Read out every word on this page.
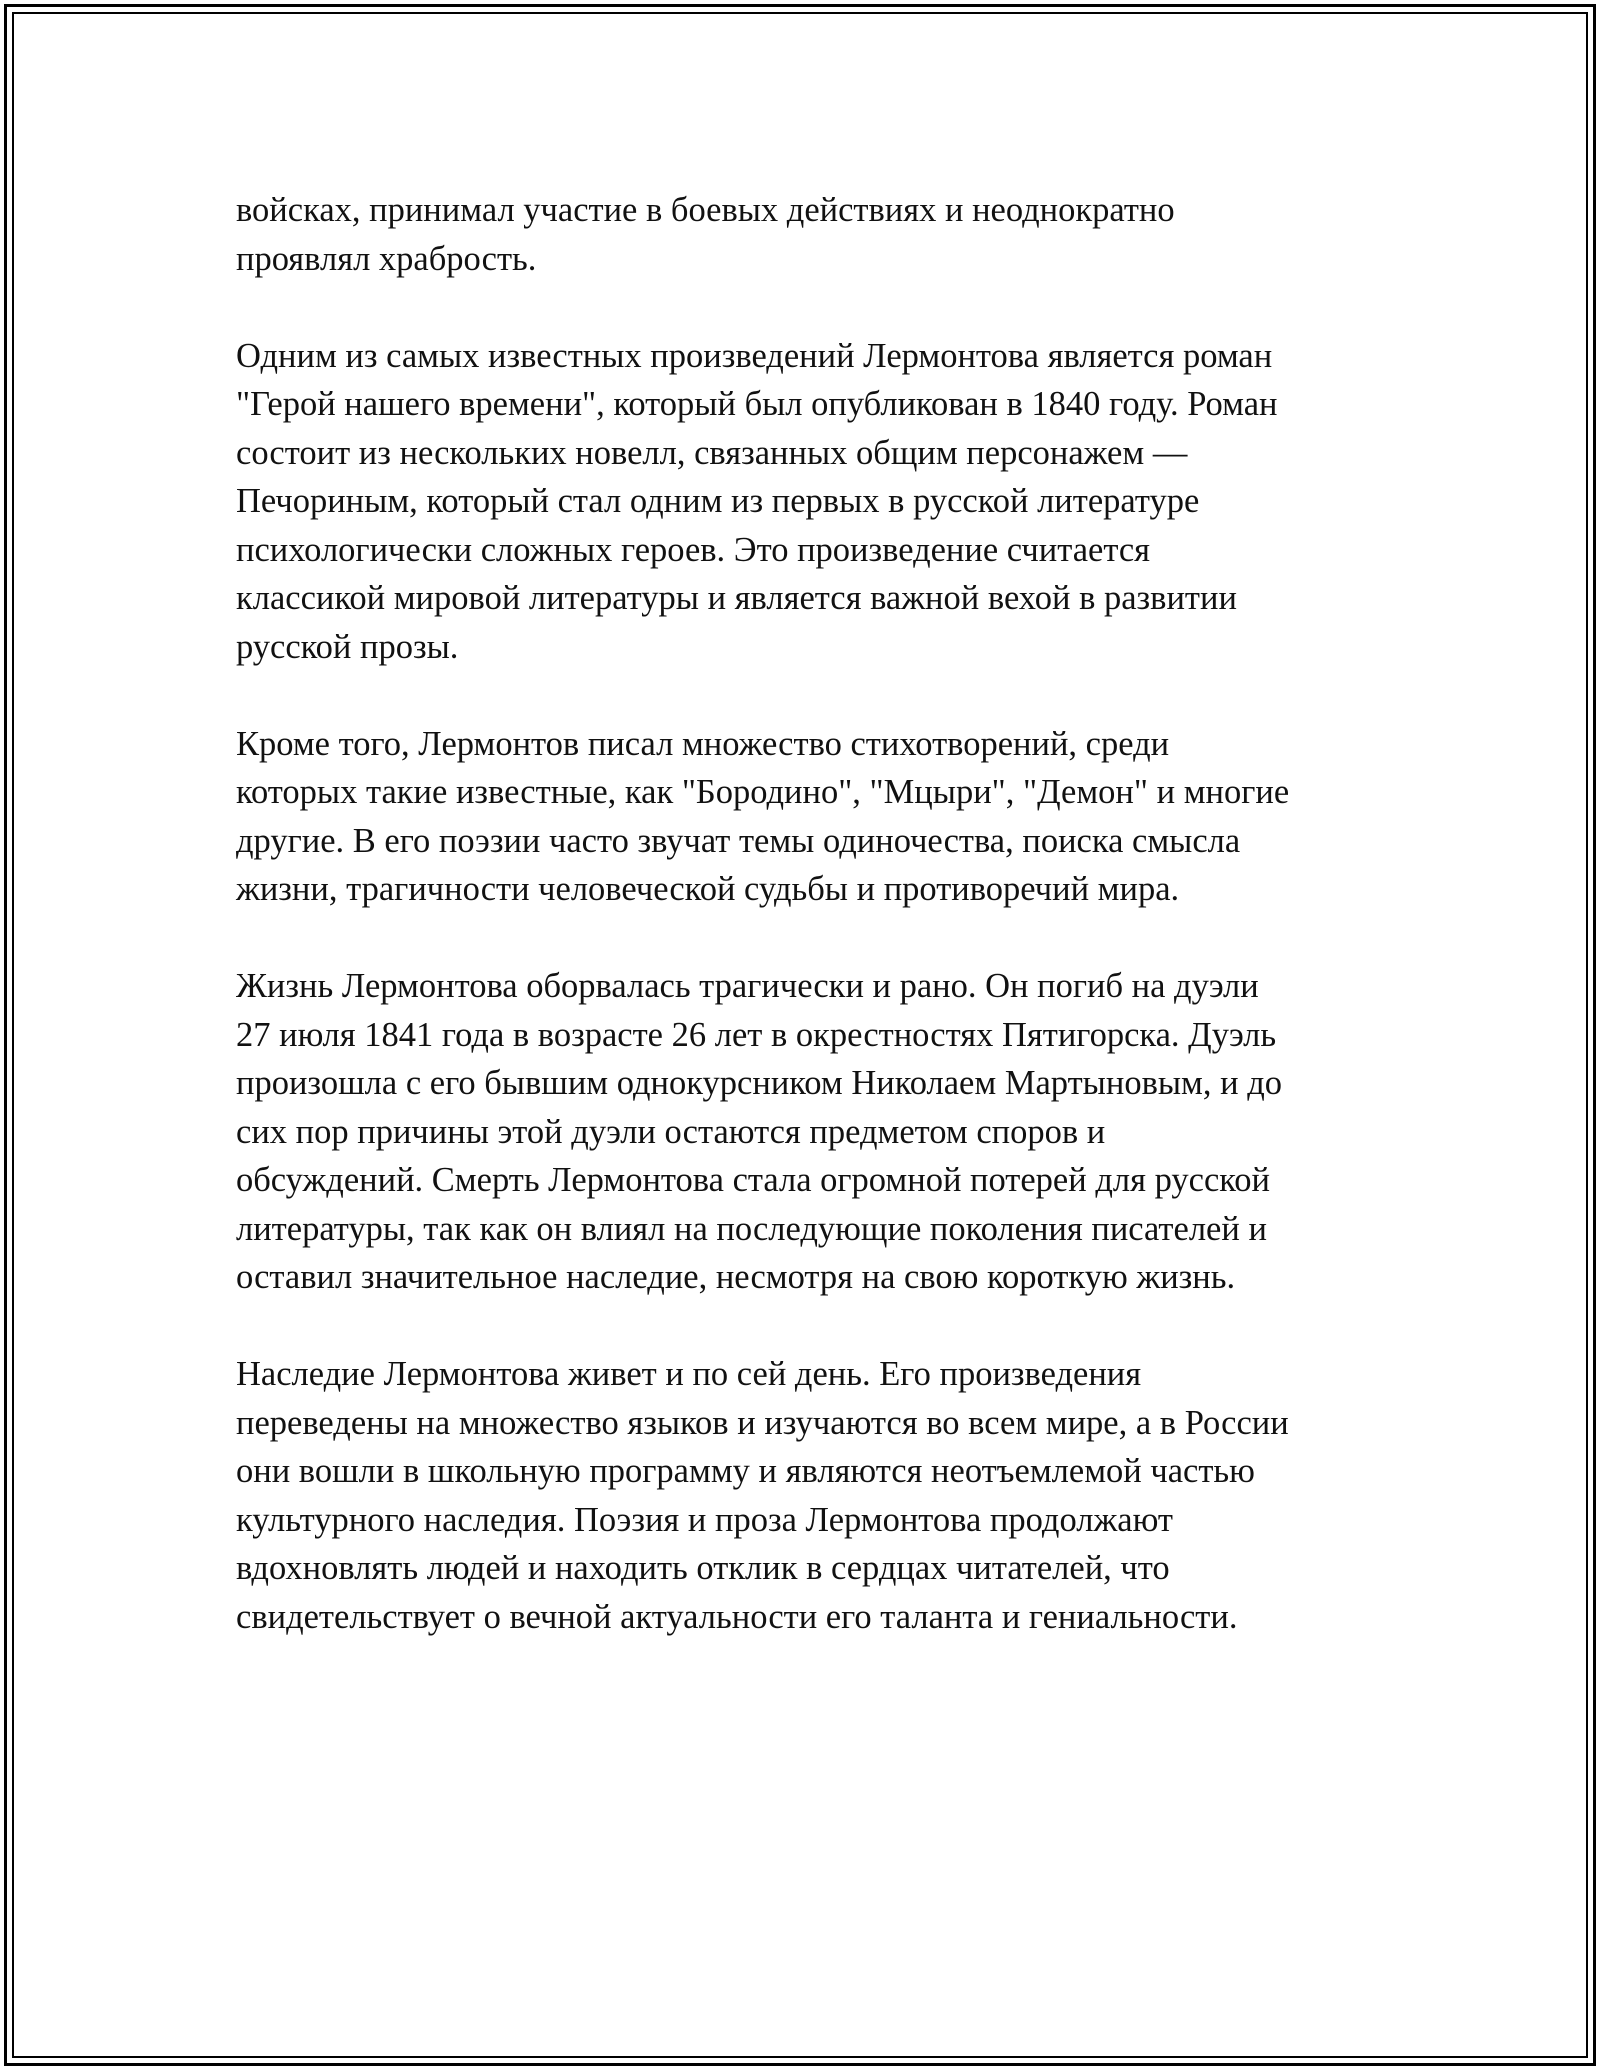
войсках, принимал участие в боевых действиях и неоднократно
проявлял храбрость.

Одним из самых известных произведений Лермонтова является роман
"Герой нашего времени", который был опубликован в 1840 году. Роман
состоит из нескольких новелл, связанных общим персонажем —
Печориным, который стал одним из первых в русской литературе
психологически сложных героев. Это произведение считается
классикой мировой литературы и является важной вехой в развитии
русской прозы.

Кроме того, Лермонтов писал множество стихотворений, среди
которых такие известные, как "Бородино", "Мцыри", "Демон" и многие
другие. В его поэзии часто звучат темы одиночества, поиска смысла
жизни, трагичности человеческой судьбы и противоречий мира.

Жизнь Лермонтова оборвалась трагически и рано. Он погиб на дуэли
27 июля 1841 года в возрасте 26 лет в окрестностях Пятигорска. Дуэль
произошла с его бывшим однокурсником Николаем Мартыновым, и до
сих пор причины этой дуэли остаются предметом споров и
обсуждений. Смерть Лермонтова стала огромной потерей для русской
литературы, так как он влиял на последующие поколения писателей и
оставил значительное наследие, несмотря на свою короткую жизнь.

Наследие Лермонтова живет и по сей день. Его произведения
переведены на множество языков и изучаются во всем мире, а в России
они вошли в школьную программу и являются неотъемлемой частью
культурного наследия. Поэзия и проза Лермонтова продолжают
вдохновлять людей и находить отклик в сердцах читателей, что
свидетельствует о вечной актуальности его таланта и гениальности.
